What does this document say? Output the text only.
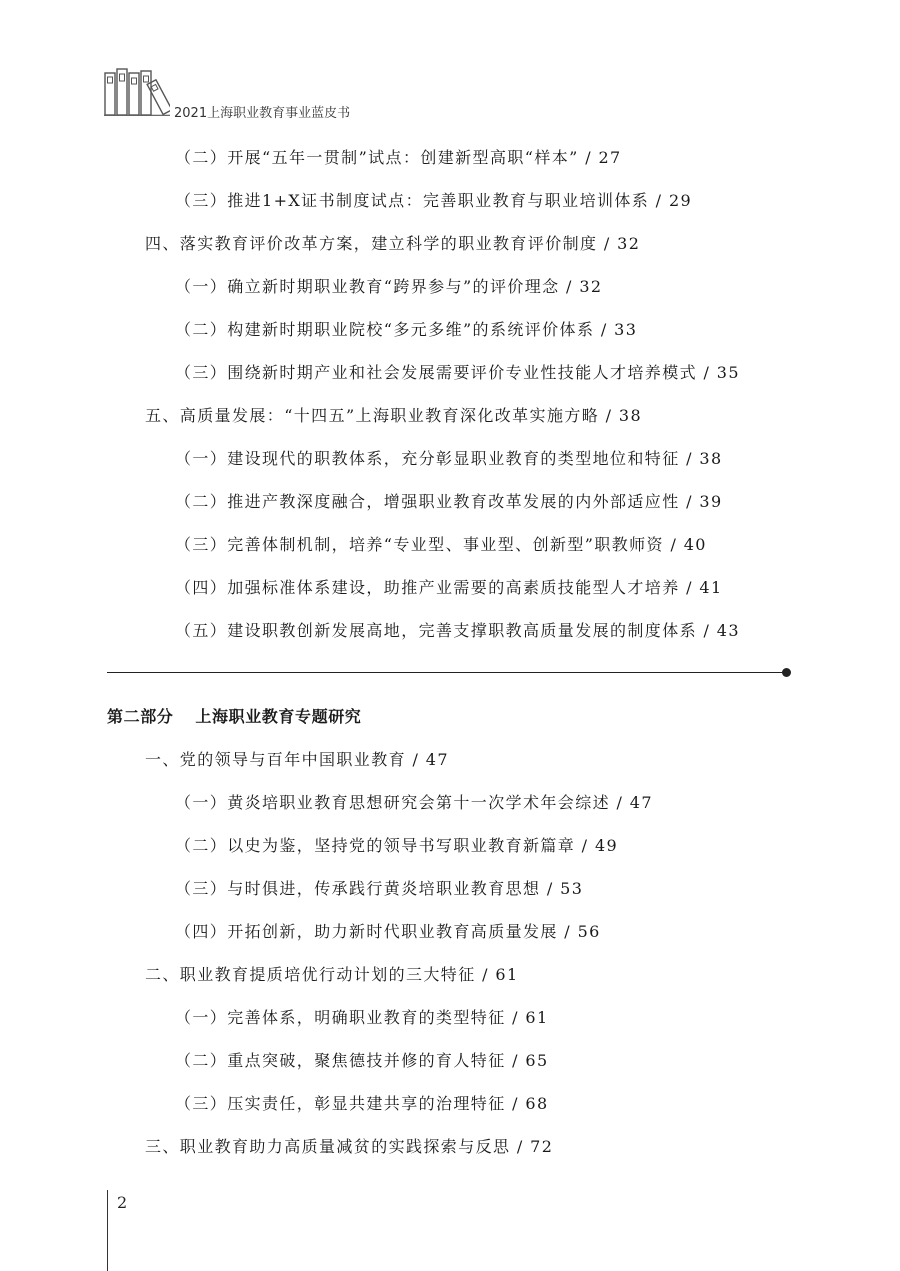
2021上海职业教育事业蓝皮书
（二）开展“五年一贯制”试点：创建新型高职“样本” / 27
（三）推进1+X证书制度试点：完善职业教育与职业培训体系 / 29
四、落实教育评价改革方案，建立科学的职业教育评价制度 / 32
（一）确立新时期职业教育“跨界参与”的评价理念 / 32
（二）构建新时期职业院校“多元多维”的系统评价体系 / 33
（三）围绕新时期产业和社会发展需要评价专业性技能人才培养模式 / 35
五、高质量发展：“十四五”上海职业教育深化改革实施方略 / 38
（一）建设现代的职教体系，充分彰显职业教育的类型地位和特征 / 38
（二）推进产教深度融合，增强职业教育改革发展的内外部适应性 / 39
（三）完善体制机制，培养“专业型、事业型、创新型”职教师资 / 40
（四）加强标准体系建设，助推产业需要的高素质技能型人才培养 / 41
（五）建设职教创新发展高地，完善支撑职教高质量发展的制度体系 / 43
第二部分 上海职业教育专题研究
一、党的领导与百年中国职业教育 / 47
（一）黄炎培职业教育思想研究会第十一次学术年会综述 / 47
（二）以史为鉴，坚持党的领导书写职业教育新篇章 / 49
（三）与时俱进，传承践行黄炎培职业教育思想 / 53
（四）开拓创新，助力新时代职业教育高质量发展 / 56
二、职业教育提质培优行动计划的三大特征 / 61
（一）完善体系，明确职业教育的类型特征 / 61
（二）重点突破，聚焦德技并修的育人特征 / 65
（三）压实责任，彰显共建共享的治理特征 / 68
三、职业教育助力高质量减贫的实践探索与反思 / 72
2
